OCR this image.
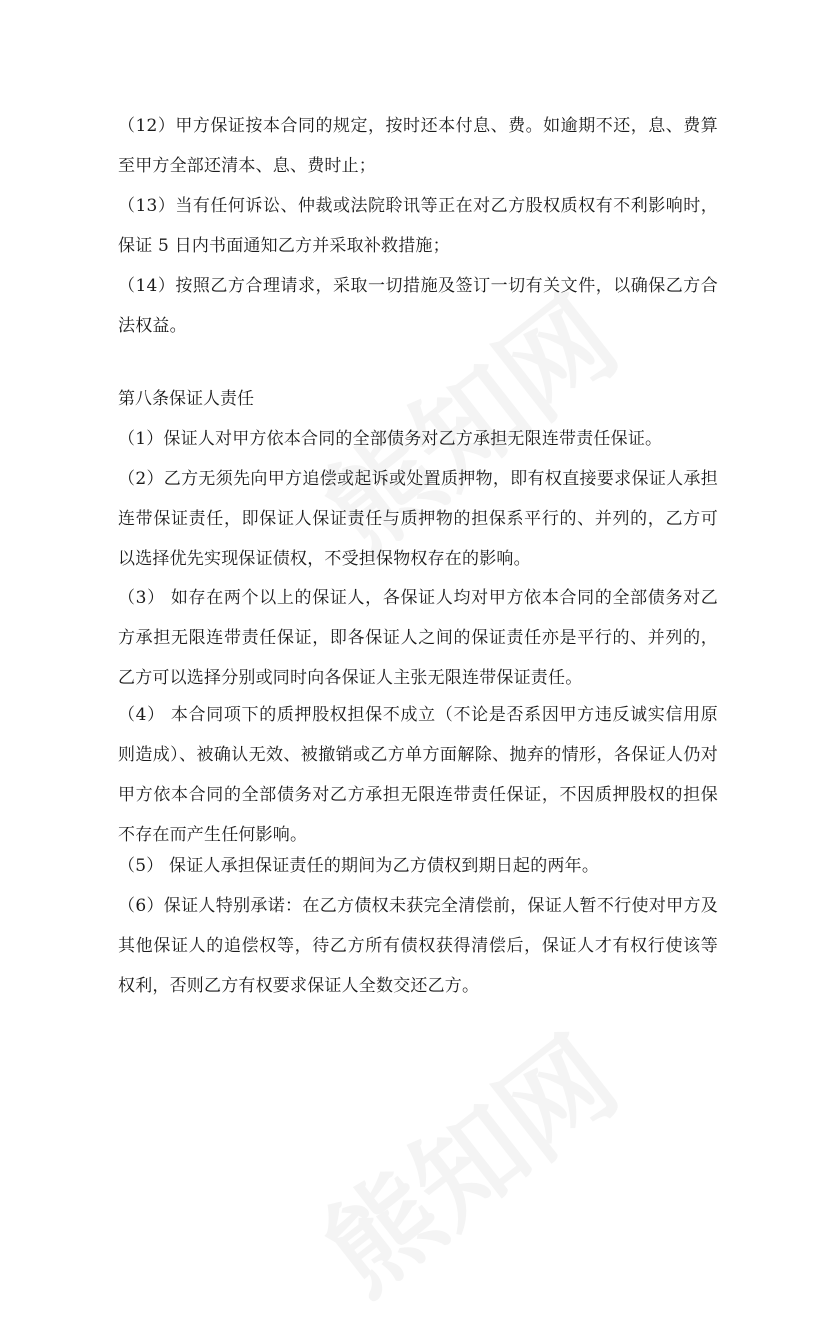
（12）甲方保证按本合同的规定，按时还本付息、费。如逾期不还，息、费算至甲方全部还清本、息、费时止；

（13）当有任何诉讼、仲裁或法院聆讯等正在对乙方股权质权有不利影响时，保证 5 日内书面通知乙方并采取补救措施；

（14）按照乙方合理请求，采取一切措施及签订一切有关文件，以确保乙方合法权益。

第八条保证人责任

（1）保证人对甲方依本合同的全部债务对乙方承担无限连带责任保证。

（2）乙方无须先向甲方追偿或起诉或处置质押物，即有权直接要求保证人承担连带保证责任，即保证人保证责任与质押物的担保系平行的、并列的，乙方可以选择优先实现保证债权，不受担保物权存在的影响。

（3） 如存在两个以上的保证人，各保证人均对甲方依本合同的全部债务对乙方承担无限连带责任保证，即各保证人之间的保证责任亦是平行的、并列的，乙方可以选择分别或同时向各保证人主张无限连带保证责任。

（4） 本合同项下的质押股权担保不成立（不论是否系因甲方违反诚实信用原则造成）、被确认无效、被撤销或乙方单方面解除、抛弃的情形，各保证人仍对甲方依本合同的全部债务对乙方承担无限连带责任保证，不因质押股权的担保不存在而产生任何影响。

（5） 保证人承担保证责任的期间为乙方债权到期日起的两年。

（6）保证人特别承诺：在乙方债权未获完全清偿前，保证人暂不行使对甲方及其他保证人的追偿权等，待乙方所有债权获得清偿后，保证人才有权行使该等权利，否则乙方有权要求保证人全数交还乙方。
